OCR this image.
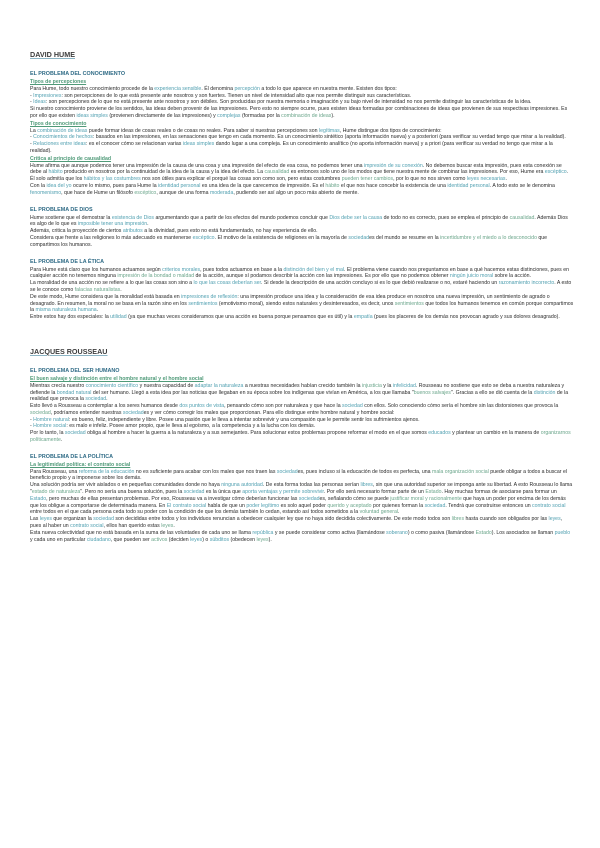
DAVID HUME
EL PROBLEMA DEL CONOCIMIENTO
Tipos de percepciones

Para Hume, todo nuestro conocimiento procede de la experiencia sensible. Él denomina percepción a todo lo que aparece en nuestra mente. Existen dos tipos:

- Impresiones: son percepciones de lo que está presente ante nosotros y son fuertes. Tienen un nivel de intensidad alto que nos permite distinguir sus características.

- Ideas: son percepciones de lo que no está presente ante nosotros y son débiles. Son producidas por nuestra memoria o imaginación y su bajo nivel de intensidad no nos permite distinguir las características de la idea.

Si nuestro conocimiento proviene de los sentidos, las ideas deben provenir de las impresiones. Pero esto no siempre ocurre, pues existen ideas formadas por combinaciones de ideas que provienen de sus respectivas impresiones. Es por ello que existen ideas simples (provienen directamente de las impresiones) y complejas (formadas por la combinación de ideas).

Tipos de conocimiento

La combinación de ideas puede formar ideas de cosas reales o de cosas no reales. Para saber si nuestras percepciones son legítimas, Hume distingue dos tipos de conocimiento:

- Conocimientos de hechos: basados en las impresiones, en las sensaciones que tengo en cada momento. Es un conocimiento sintético (aporta información nueva) y a posteriori (para verificar su verdad tengo que mirar a la realidad).

- Relaciones entre ideas: es el conocer cómo se relacionan varias ideas simples dando lugar a una compleja. Es un conocimiento analítico (no aporta información nueva) y a priori (para verificar su verdad no tengo que mirar a la realidad).

Crítica al principio de causalidad

Hume afirma que aunque podemos tener una impresión de la causa de una cosa y una impresión del efecto de esa cosa, no podemos tener una impresión de su conexión. No debemos buscar esta impresión, pues esta conexión se debe al hábito producido en nosotros por la continuidad de la idea de la causa y la idea del efecto. La causalidad es entonces solo uno de los modos que tiene nuestra mente de combinar las impresiones. Por eso, Hume era escéptico. Él solo admitía que los hábitos y las costumbres nos son útiles para explicar el porqué las cosas son como son, pero estas costumbres pueden tener cambios, por lo que no nos sirven como leyes necesarias.

Con la idea del yo ocurre lo mismo, pues para Hume la identidad personal es una idea de la que carecemos de impresión. Es el hábito el que nos hace concebir la existencia de una identidad personal. A todo esto se le denomina fenomenismo, que hace de Hume un filósofo escéptico, aunque de una forma moderada, pudiendo ser así algo un poco más abierto de mente.

EL PROBLEMA DE DIOS

Hume sostiene que el demostrar la existencia de Dios argumentando que a partir de los efectos del mundo podemos concluir que Dios debe ser la causa de todo no es correcto, pues se emplea el principio de causalidad. Además Dios es algo de lo que es imposible tener una impresión.

Además, critica la proyección de ciertos atributos a la divinidad, pues esto no está fundamentado, no hay experiencia de ello.

Considera que frente a las religiones lo más adecuado es mantenerse escéptico. El motivo de la existencia de religiones en la mayoría de sociedades del mundo se resume en la incertidumbre y el miedo a lo desconocido que compartimos los humanos.

EL PROBLEMA DE LA ÉTICA

Para Hume está claro que los humanos actuamos según criterios morales, pues todos actuamos en base a la distinción del bien y el mal. El problema viene cuando nos preguntamos en base a qué hacemos estas distinciones, pues en cualquier acción no tenemos ninguna impresión de la bondad o maldad de la acción, aunque sí podamos describir la acción con las impresiones. Es por ello que no podemos obtener ningún juicio moral sobre la acción.

La moralidad de una acción no se refiere a lo que las cosas son sino a lo que las cosas deberían ser. Si desde la descripción de una acción concluyo si es lo que debió realizarse o no, estaré haciendo un razonamiento incorrecto. A esto se le conoce como falacias naturalistas.

De este modo, Hume considera que la moralidad está basada en impresiones de reflexión: una impresión produce una idea y la consideración de esa idea produce en nosotros una nueva impresión, un sentimiento de agrado o desagrado. En resumen, la moral no se basa en la razón sino en los sentimientos (emotivismo moral), siendo estos naturales y desinteresados, es decir, unos sentimientos que todos los humanos tenemos en común porque compartimos la misma naturaleza humana.

Entre estos hay dos especiales: la utilidad (ya que muchas veces consideramos que una acción es buena porque pensamos que es útil) y la empatía (pues los placeres de los demás nos provocan agrado y sus dolores desagrado).

JACQUES ROUSSEAU
EL PROBLEMA DEL SER HUMANO
El buen salvaje y distinción entre el hombre natural y el hombre social

Mientras crecía nuestro conocimiento científico y nuestra capacidad de adaptar la naturaleza a nuestras necesidades habían crecido también la injusticia y la infelicidad. Rousseau no sostiene que esto se deba a nuestra naturaleza y defiende la bondad natural del ser humano. Llegó a esta idea por las noticias que llegaban en su época sobre los indígenas que vivían en América, a los que llamaba "buenos salvajes". Gracias a ello se dió cuenta de la distinción de la realidad que provoca la sociedad.

Esto llevó a Rousseau a contemplar a los seres humanos desde dos puntos de vista, pensando cómo son por naturaleza y que hace la sociedad con ellos. Solo conociendo cómo sería el hombre sin las distorsiones que provoca la sociedad, podríamos entender nuestras sociedades y ver cómo corregir los males que proporcionan. Para ello distingue entre hombre natural y hombre social:

- Hombre natural: es bueno, feliz, independiente y libre. Posee una pasión que le lleva a intentar sobrevivir y una compasión que le permite sentir los sufrimientos ajenos.

- Hombre social: es malo e infeliz. Posee amor propio, que le lleva al egoísmo, a la competencia y a la lucha con los demás.

Por lo tanto, la sociedad obliga al hombre a hacer la guerra a la naturaleza y a sus semejantes. Para solucionar estos problemas propone reformar el modo en el que somos educados y plantear un cambio en la manera de organizarnos políticamente.

EL PROBLEMA DE LA POLÍTICA
La legitimidad política: el contrato social

Para Rousseau, una reforma de la educación no es suficiente para acabar con los males que nos traen las sociedades, pues incluso si la educación de todos es perfecta, una mala organización social puede obligar a todos a buscar el beneficio propio y a imponerse sobre los demás.

Una solución podría ser vivir aislados o en pequeñas comunidades donde no haya ninguna autoridad. De esta forma todas las personas serían libres, sin que una autoridad superior se imponga ante su libertad. A esto Rousseau lo llama "estado de naturaleza". Pero no sería una buena solución, pues la sociedad es la única que aporta ventajas y permite sobrevivir. Por ello será necesario formar parte de un Estado. Hay muchas formas de asociarse para formar un Estado, pero muchas de ellas presentan problemas. Por eso, Rousseau va a investigar cómo deberían funcionar las sociedades, señalando cómo se puede justificar moral y racionalmente que haya un poder por encima de los demás que los obligue a comportarse de determinada manera. En El contrato social habla de que un poder legítimo es solo aquel poder querido y aceptado por quienes forman la sociedad. Tendrá que construirse entonces un contrato social entre todos en el que cada persona ceda todo su poder con la condición de que los demás también lo cedan, estando así todos sometidos a la voluntad general.

Las leyes que organizan la sociedad son decididas entre todos y los individuos renuncian a obedecer cualquier ley que no haya sido decidida colectivamente. De este modo todos son libres hasta cuando son obligados por las leyes, pues al haber un contrato social, ellos han querido estas leyes.

Esta nueva colectividad que no está basada en la suma de las voluntades de cada uno se llama república y se puede considerar como activa (llamándose soberano) o como pasiva (llamándose Estado). Los asociados se llaman pueblo y cada uno en particular ciudadano, que pueden ser activos (deciden leyes) o súbditos (obedecen leyes).
